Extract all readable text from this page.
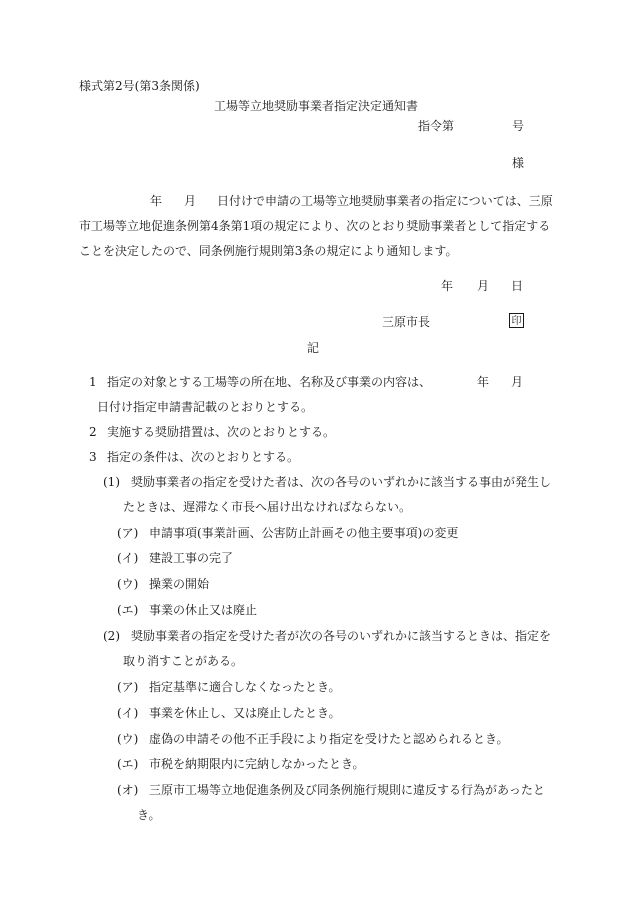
様式第2号(第3条関係)
工場等立地奨励事業者指定決定通知書
指令第	号
様
年 月 日付けで申請の工場等立地奨励事業者の指定については、三原
市工場等立地促進条例第4条第1項の規定により、次のとおり奨励事業者として指定する
ことを決定したので、同条例施行規則第3条の規定により通知します。
年 月 日
三原市長	印
記
1 指定の対象とする工場等の所在地、名称及び事業の内容は、	年 月
日付け指定申請書記載のとおりとする。
2 実施する奨励措置は、次のとおりとする。
3 指定の条件は、次のとおりとする。
(1) 奨励事業者の指定を受けた者は、次の各号のいずれかに該当する事由が発生し
たときは、遅滞なく市長へ届け出なければならない。
(ア) 申請事項(事業計画、公害防止計画その他主要事項)の変更
(イ) 建設工事の完了
(ウ) 操業の開始
(エ) 事業の休止又は廃止
(2) 奨励事業者の指定を受けた者が次の各号のいずれかに該当するときは、指定を
取り消すことがある。
(ア) 指定基準に適合しなくなったとき。
(イ) 事業を休止し、又は廃止したとき。
(ウ) 虚偽の申請その他不正手段により指定を受けたと認められるとき。
(エ) 市税を納期限内に完納しなかったとき。
(オ) 三原市工場等立地促進条例及び同条例施行規則に違反する行為があったと
き。
